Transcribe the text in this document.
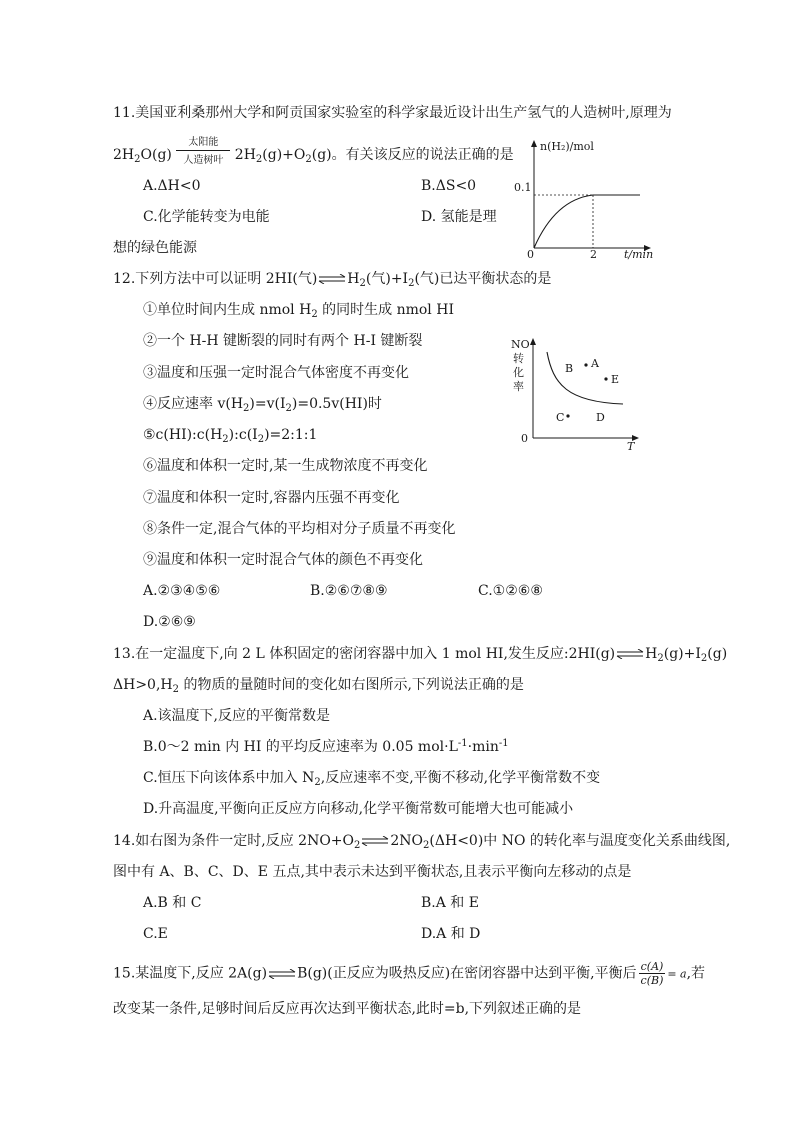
11.美国亚利桑那州大学和阿贡国家实验室的科学家最近设计出生产氢气的人造树叶,原理为
$2H_2O(g)$
太阳能
人造树叶 $2H_2(g)+O_2(g)$。有关该反应的说法正确的是
A.ΔH<0	B.ΔS<0
C.化学能转变为电能	D. 氢能是理
想的绿色能源
n(H₂)/mol
0
0.1
2 t/min
12.下列方法中可以证明 2HI(气)$\rightleftharpoons H_2$(气)$+I_2$(气)已达平衡状态的是
①单位时间内生成 nmol $H_2$ 的同时生成 nmol HI
②一个 H-H 键断裂的同时有两个 H-I 键断裂
③温度和压强一定时混合气体密度不再变化
④反应速率 $v(H_2)=v(I_2)=0.5v(HI)$时
$⑤c(HI):c(H_2):c(I_2)=2:1:1$
⑥温度和体积一定时,某一生成物浓度不再变化
⑦温度和体积一定时,容器内压强不再变化
⑧条件一定,混合气体的平均相对分子质量不再变化
⑨温度和体积一定时混合气体的颜色不再变化
A.②③④⑤⑥	B.②⑥⑦⑧⑨	C.①②⑥⑧
D.②⑥⑨
NO
转
化
率
0
T
A
B
E
C	D
13.在一定温度下,向 2 L 体积固定的密闭容器中加入 1 mol HI,发生反应$:2HI(g)\rightleftharpoons H_2(g)+I_2(g)$
$\Delta H>0,H_2$ 的物质的量随时间的变化如右图所示,下列说法正确的是
A.该温度下,反应的平衡常数是
B.0～2 min 内 HI 的平均反应速率为 0.05 $mol\cdot L^{-1}\cdot\min^{-1}$
C.恒压下向该体系中加入 $N_2$,反应速率不变,平衡不移动,化学平衡常数不变
D.升高温度,平衡向正反应方向移动,化学平衡常数可能增大也可能减小
14.如右图为条件一定时,反应 $2NO+O_2\rightleftharpoons 2NO_2(\Delta H<0)$中 NO 的转化率与温度变化关系曲线图,
图中有 A、B、C、D、E 五点,其中表示未达到平衡状态,且表示平衡向左移动的点是
A.B 和 C	B.A 和 E
C.E	D.A 和 D
15.某温度下,反应 2A(g)⇌B(g)(正反应为吸热反应)在密闭容器中达到平衡,平衡后 $\frac{c(A)}{c(B)} = a$,若
改变某一条件,足够时间后反应再次达到平衡状态,此时=b,下列叙述正确的是
